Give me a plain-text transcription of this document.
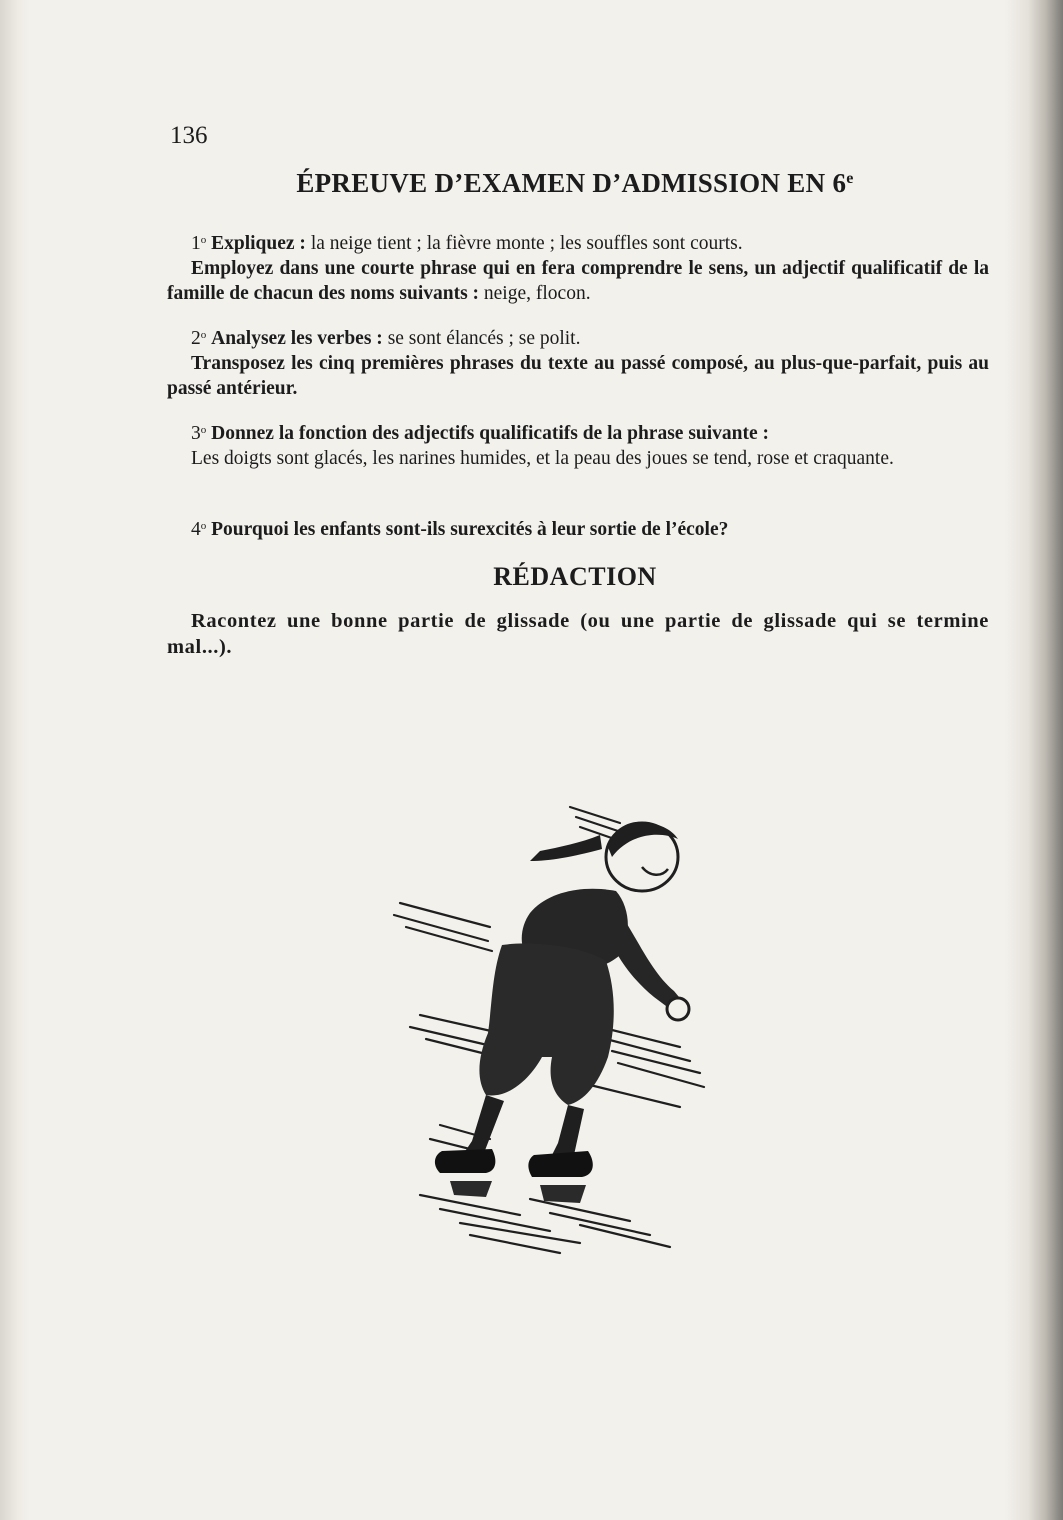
136
ÉPREUVE D’EXAMEN D’ADMISSION EN 6e
1$^o$ Expliquez : la neige tient ; la fièvre monte ; les souffles sont courts.
Employez dans une courte phrase qui en fera comprendre le sens, un adjectif qualificatif de la famille de chacun des noms suivants : neige, flocon.
2$^o$ Analysez les verbes : se sont élancés ; se polit.
Transposez les cinq premières phrases du texte au passé composé, au plus-que-parfait, puis au passé antérieur.
3$^o$ Donnez la fonction des adjectifs qualificatifs de la phrase suivante :
Les doigts sont glacés, les narines humides, et la peau des joues se tend, rose et craquante.
4$^o$ Pourquoi les enfants sont-ils surexcités à leur sortie de l’école?
RÉDACTION
Racontez une bonne partie de glissade (ou une partie de glissade qui se termine mal...).
